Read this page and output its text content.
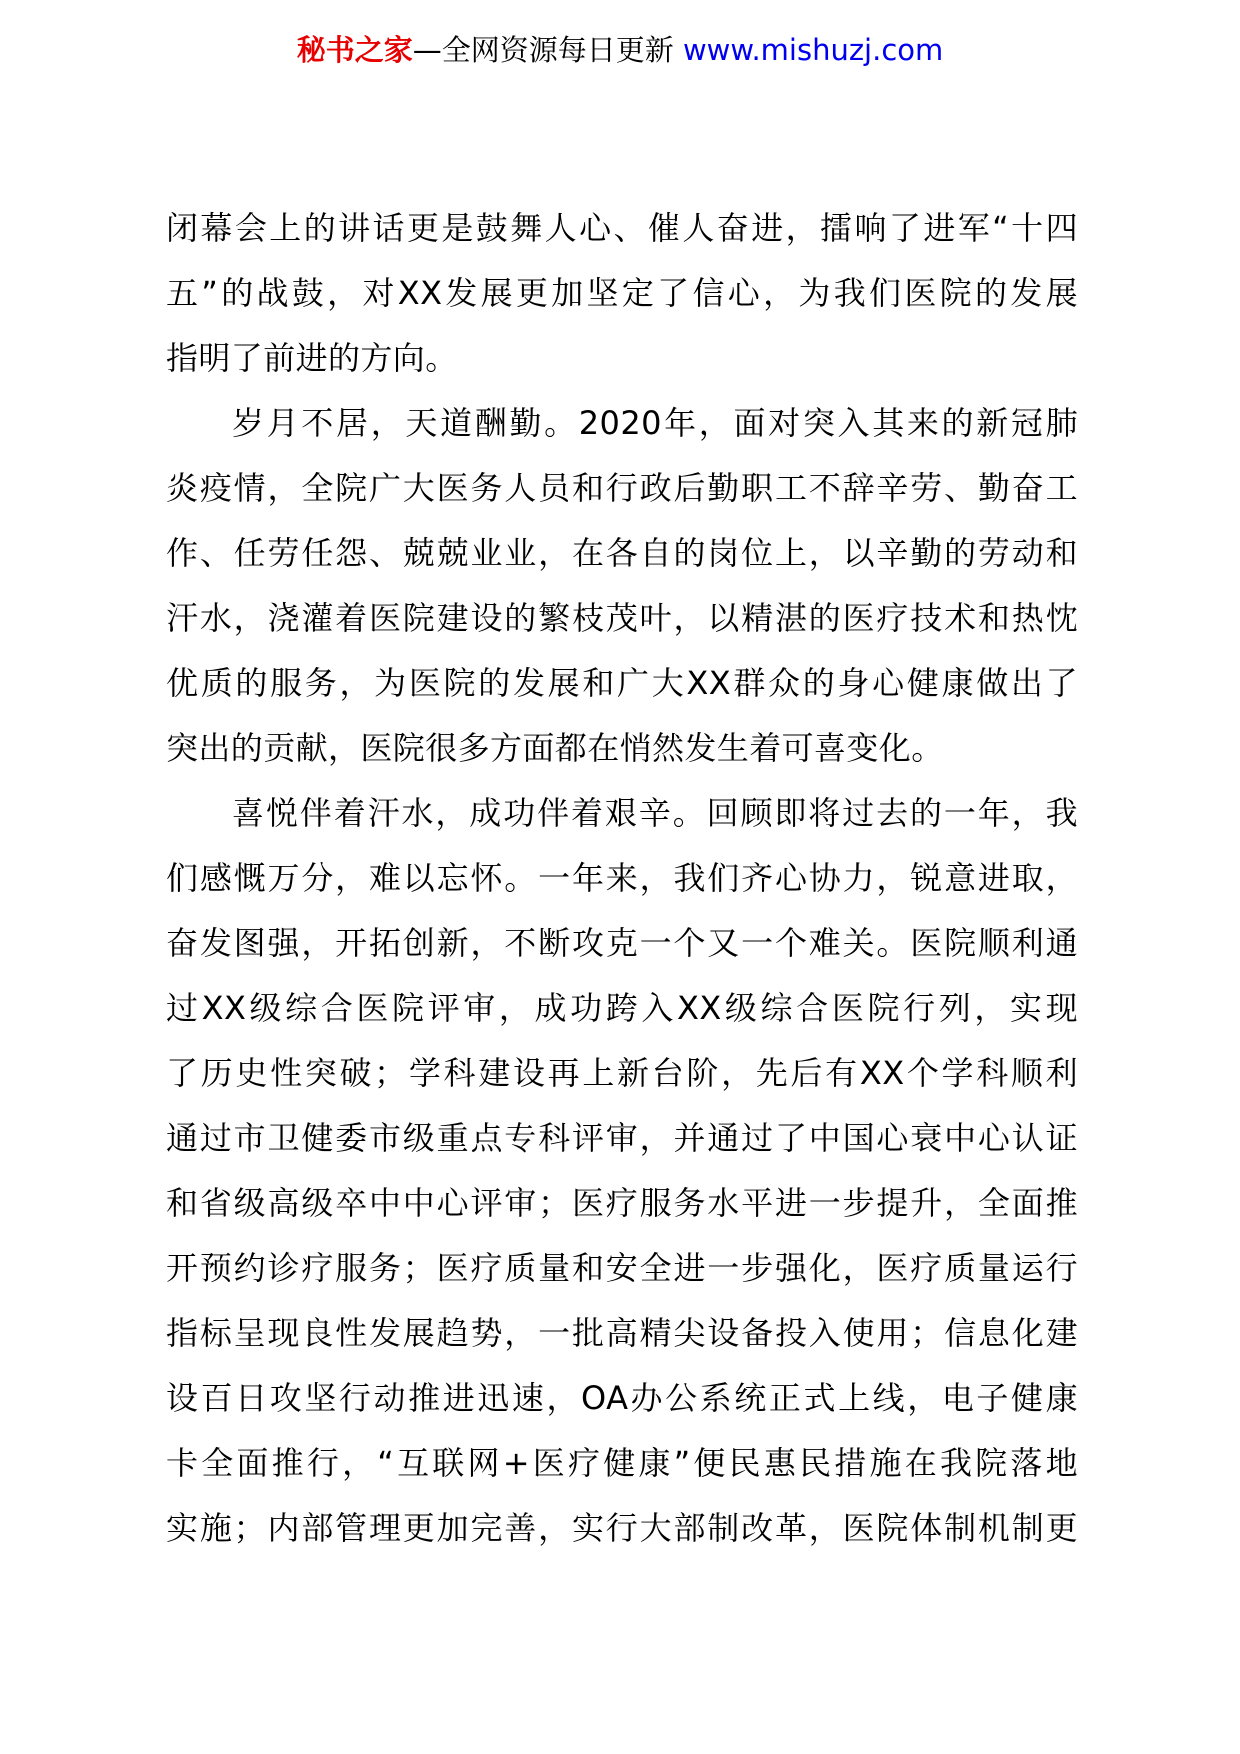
秘书之家—全网资源每日更新 www.mishuzj.com
闭幕会上的讲话更是鼓舞人心、催人奋进，擂响了进军“十四
五”的战鼓，对XX发展更加坚定了信心，为我们医院的发展
指明了前进的方向。
岁月不居，天道酬勤。2020年，面对突入其来的新冠肺
炎疫情，全院广大医务人员和行政后勤职工不辞辛劳、勤奋工
作、任劳任怨、兢兢业业，在各自的岗位上，以辛勤的劳动和
汗水，浇灌着医院建设的繁枝茂叶，以精湛的医疗技术和热忱
优质的服务，为医院的发展和广大XX群众的身心健康做出了
突出的贡献，医院很多方面都在悄然发生着可喜变化。
喜悦伴着汗水，成功伴着艰辛。回顾即将过去的一年，我
们感慨万分，难以忘怀。一年来，我们齐心协力，锐意进取，
奋发图强，开拓创新，不断攻克一个又一个难关。医院顺利通
过XX级综合医院评审，成功跨入XX级综合医院行列，实现
了历史性突破；学科建设再上新台阶，先后有XX个学科顺利
通过市卫健委市级重点专科评审，并通过了中国心衰中心认证
和省级高级卒中中心评审；医疗服务水平进一步提升，全面推
开预约诊疗服务；医疗质量和安全进一步强化，医疗质量运行
指标呈现良性发展趋势，一批高精尖设备投入使用；信息化建
设百日攻坚行动推进迅速，OA办公系统正式上线，电子健康
卡全面推行，“互联网+医疗健康”便民惠民措施在我院落地
实施；内部管理更加完善，实行大部制改革，医院体制机制更
